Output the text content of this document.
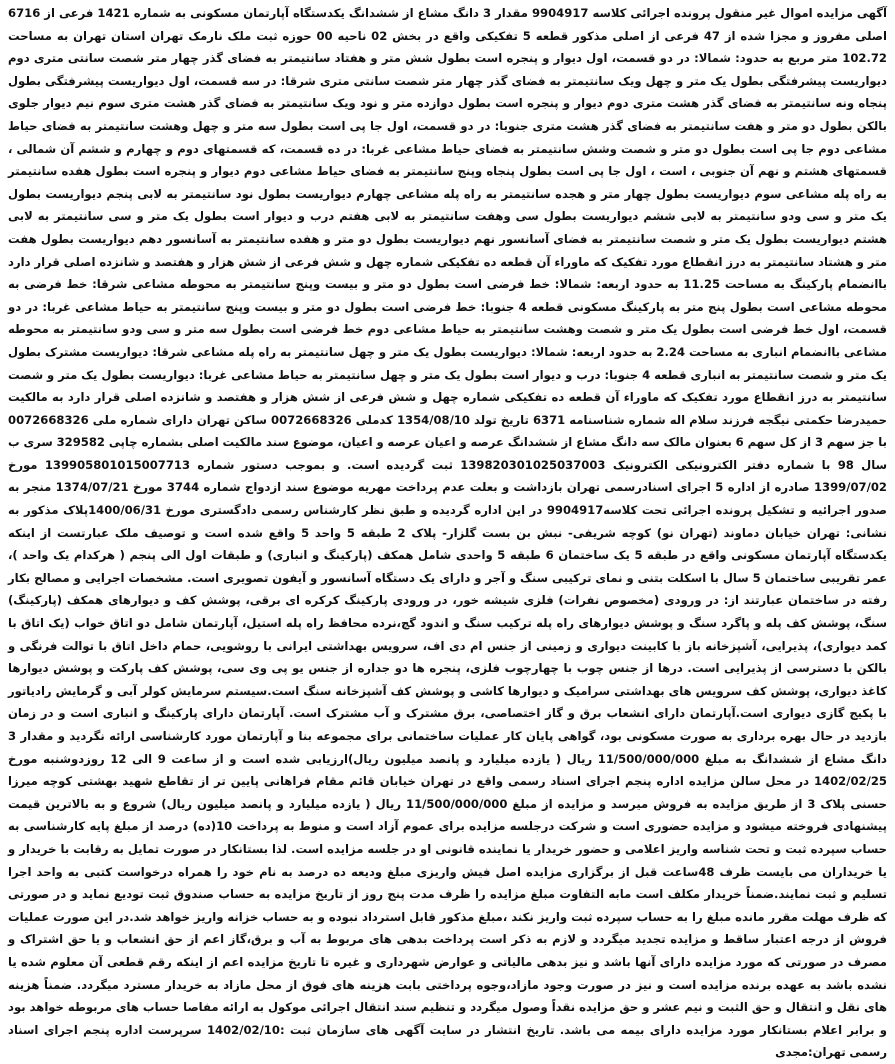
آگهی مزایده اموال غیر منقول پرونده اجرائی کلاسه 9904917 مقدار 3 دانگ مشاع از ششدانگ یکدستگاه آپارتمان مسکونی به شماره 1421 فرعی از 6716 اصلی مفروز و مجزا شده از 47 فرعی از اصلی مذکور قطعه 5 تفکیکی واقع در بخش 02 ناحیه 00 حوزه ثبت ملک نارمک تهران استان تهران به مساحت 102.72 متر مربع به حدود: شمالا: در دو قسمت، اول دیوار و پنجره است بطول شش متر و هفتاد سانتیمتر به فضای گذر چهار متر شصت سانتی متری دوم دیواریست پیشرفتگی بطول یک متر و چهل ویک سانتیمتر به فضای گذر چهار متر شصت سانتی متری شرقا: در سه قسمت، اول دیواریست پیشرفتگی بطول پنجاه ونه سانتیمتر به فضای گذر هشت متری دوم دیوار و پنجره است بطول دوازده متر و نود ویک سانتیمتر به فضای گذر هشت متری سوم نیم دیوار جلوی بالکن بطول دو متر و هفت سانتیمتر به فضای گذر هشت متری جنوبا: در دو قسمت، اول جا پی است بطول سه متر و چهل وهشت سانتیمتر به فضای حیاط مشاعی دوم جا پی است بطول دو متر و شصت وشش سانتیمتر به فضای حیاط مشاعی غربا: در ده قسمت، که قسمتهای دوم و چهارم و ششم آن شمالی ، قسمتهای هشتم و نهم آن جنوبی ، است ، اول جا پی است بطول پنجاه وپنج سانتیمتر به فضای حیاط مشاعی دوم دیوار و پنجره است بطول هفده سانتیمتر به راه پله مشاعی سوم دیواریست بطول چهار متر و هجده سانتیمتر به راه پله مشاعی چهارم دیواریست بطول نود سانتیمتر به لابی پنجم دیواریست بطول یک متر و سی ودو سانتیمتر به لابی ششم دیواریست بطول سی وهفت سانتیمتر به لابی هفتم درب و دیوار است بطول یک متر و سی سانتیمتر به لابی هشتم دیواریست بطول یک متر و شصت سانتیمتر به فضای آسانسور نهم دیواریست بطول دو متر و هفده سانتیمتر به آسانسور دهم دیواریست بطول هفت متر و هشتاد سانتیمتر به درز انقطاع مورد تفکیک که ماوراء آن قطعه ده تفکیکی شماره چهل و شش فرعی از شش هزار و هفتصد و شانزده اصلی قرار دارد باانضمام پارکینگ به مساحت 11.25 به حدود اربعه: شمالا: خط فرضی است بطول دو متر و بیست وپنج سانتیمتر به محوطه مشاعی شرقا: خط فرضی به محوطه مشاعی است بطول پنج متر به پارکینگ مسکونی قطعه 4 جنوبا: خط فرضی است بطول دو متر و بیست وپنج سانتیمتر به حیاط مشاعی غربا: در دو قسمت، اول خط فرضی است بطول یک متر و شصت وهشت سانتیمتر به حیاط مشاعی دوم خط فرضی است بطول سه متر و سی ودو سانتیمتر به محوطه مشاعی باانضمام انباری به مساحت 2.24 به حدود اربعه: شمالا: دیواریست بطول یک متر و چهل سانتیمتر به راه پله مشاعی شرقا: دیواریست مشترک بطول یک متر و شصت سانتیمتر به انباری قطعه 4 جنوبا: درب و دیوار است بطول یک متر و چهل سانتیمتر به حیاط مشاعی غربا: دیواریست بطول یک متر و شصت سانتیمتر به درز انقطاع مورد تفکیک که ماوراء آن قطعه ده تفکیکی شماره چهل و شش فرعی از شش هزار و هفتصد و شانزده اصلی قرار دارد به مالکیت حمیدرضا حکمتی نیگجه فرزند سلام اله شماره شناسنامه 6371 تاریخ تولد 1354/08/10 کدملی 0072668326 ساکن تهران دارای شماره ملی 0072668326 با جز سهم 3 از کل سهم 6 بعنوان مالک سه دانگ مشاع از ششدانگ عرصه و اعیان عرصه و اعیان، موضوع سند مالکیت اصلی بشماره چاپی 329582 سری ب سال 98 با شماره دفتر الکترونیکی الکترونیک 139820301025037003 ثبت گردیده است. و بموجب دستور شماره 139905801015007713 مورخ 1399/07/02 صادره از اداره 5 اجرای اسنادرسمی تهران بازداشت و بعلت عدم پرداخت مهریه موضوع سند ازدواج شماره 3744 مورخ 1374/07/21 منجر به صدور اجرائیه و تشکیل پرونده اجرائی تحت کلاسه9904917 در این اداره گردیده و طبق نظر کارشناس رسمی دادگستری مورخ 1400/06/31پلاک مذکور به نشانی: تهران خیابان دماوند (تهران نو) کوچه شریفی- نبش بن بست گلزار- پلاک 2 طبقه 5 واحد 5 واقع شده است و توصیف ملک عبارتست از اینکه یکدستگاه آپارتمان مسکونی واقع در طبقه 5 یک ساختمان 6 طبقه 5 واحدی شامل همکف (پارکینگ و انباری) و طبقات اول الی پنجم ( هرکدام یک واحد )، عمر تقریبی ساختمان 5 سال با اسکلت بتنی و نمای ترکیبی سنگ و آجر و دارای یک دستگاه آسانسور و آیفون تصویری است. مشخصات اجرایی و مصالح بکار رفته در ساختمان عبارتند از: در ورودی (مخصوص نفرات) فلزی شیشه خور، در ورودی پارکینگ کرکره ای برقی، پوشش کف و دیوارهای همکف (پارکینگ) سنگ، پوشش کف پله و پاگرد سنگ و پوشش دیوارهای راه پله ترکیب سنگ و اندود گچ،نرده محافظ راه پله استیل، آپارتمان شامل دو اتاق خواب (یک اتاق با کمد دیواری)، پذیرایی، آشپزخانه باز با کابینت دیواری و زمینی از جنس ام دی اف، سرویس بهداشتی ایرانی با روشویی، حمام داخل اتاق با توالت فرنگی و بالکن با دسترسی از پذیرایی است. درها از جنس چوب با چهارچوب فلزی، پنجره ها دو جداره از جنس یو پی وی سی، پوشش کف پارکت و پوشش دیوارها کاغذ دیواری، پوشش کف سرویس های بهداشتی سرامیک و دیوارها کاشی و پوشش کف آشپزخانه سنگ است.سیستم سرمایش کولر آبی و گرمایش رادیاتور با پکیج گازی دیواری است.آپارتمان دارای انشعاب برق و گاز اختصاصی، برق مشترک و آب مشترک است. آپارتمان دارای پارکینگ و انباری است و در زمان بازدید در حال بهره برداری به صورت مسکونی بود، گواهی پایان کار عملیات ساختمانی برای مجموعه بنا و آپارتمان مورد کارشناسی ارائه نگردید و مقدار 3 دانگ مشاع از ششدانگ به مبلغ 11/500/000/000 ریال ( یازده میلیارد و پانصد میلیون ریال)ارزیابی شده است و از ساعت 9 الی 12 روزدوشنبه مورخ 1402/02/25 در محل سالن مزایده اداره پنجم اجرای اسناد رسمی واقع در تهران خیابان قائم مقام فراهانی پایین تر از تقاطع شهید بهشتی کوچه میرزا حسنی پلاک 3 از طریق مزایده به فروش میرسد و مزایده از مبلغ 11/500/000/000 ریال ( یازده میلیارد و پانصد میلیون ریال) شروع و به بالاترین قیمت پیشنهادی فروخته میشود و مزایده حضوری است و شرکت درجلسه مزایده برای عموم آزاد است و منوط به پرداخت 10(ده) درصد از مبلغ پایه کارشناسی به حساب سپرده ثبت و تحت شناسه واریز اعلامی و حضور خریدار یا نماینده قانونی او در جلسه مزایده است. لذا بستانکار در صورت تمایل به رقابت با خریدار و یا خریداران می بایست ظرف 48ساعت قبل از برگزاری مزایده اصل فیش واریزی مبلغ ودیعه ده درصد به نام خود را همراه درخواست کتبی به واحد اجرا تسلیم و ثبت نمایند.ضمناً خریدار مکلف است مابه التفاوت مبلغ مزایده را ظرف مدت پنج روز از تاریخ مزایده به حساب صندوق ثبت تودیع نماید و در صورتی که ظرف مهلت مقرر مانده مبلغ را به حساب سپرده ثبت واریز نکند ،مبلغ مذکور قابل استرداد نبوده و به حساب خزانه واریز خواهد شد.در این صورت عملیات فروش از درجه اعتبار ساقط و مزایده تجدید میگردد و لازم به ذکر است پرداخت بدهی های مربوط به آب و برق،گاز اعم از حق انشعاب و یا حق اشتراک و مصرف در صورتی که مورد مزایده دارای آنها باشد و نیز بدهی مالیاتی و عوارض شهرداری و غیره تا تاریخ مزایده اعم از اینکه رقم قطعی آن معلوم شده یا نشده باشد به عهده برنده مزایده است و نیز در صورت وجود مازاد،وجوه پرداختی بابت هزینه های فوق از محل مازاد به خریدار مسترد میگردد. ضمناً هزینه های نقل و انتقال و حق الثبت و نیم عشر و حق مزایده نقداً وصول میگردد و تنظیم سند انتقال اجرائی موکول به ارائه مفاصا حساب های مربوطه خواهد بود و برابر اعلام بستانکار مورد مزایده دارای بیمه می باشد. تاریخ انتشار در سایت آگهی های سازمان ثبت :1402/02/10 سرپرست اداره پنجم اجرای اسناد رسمی تهران:مجدی
